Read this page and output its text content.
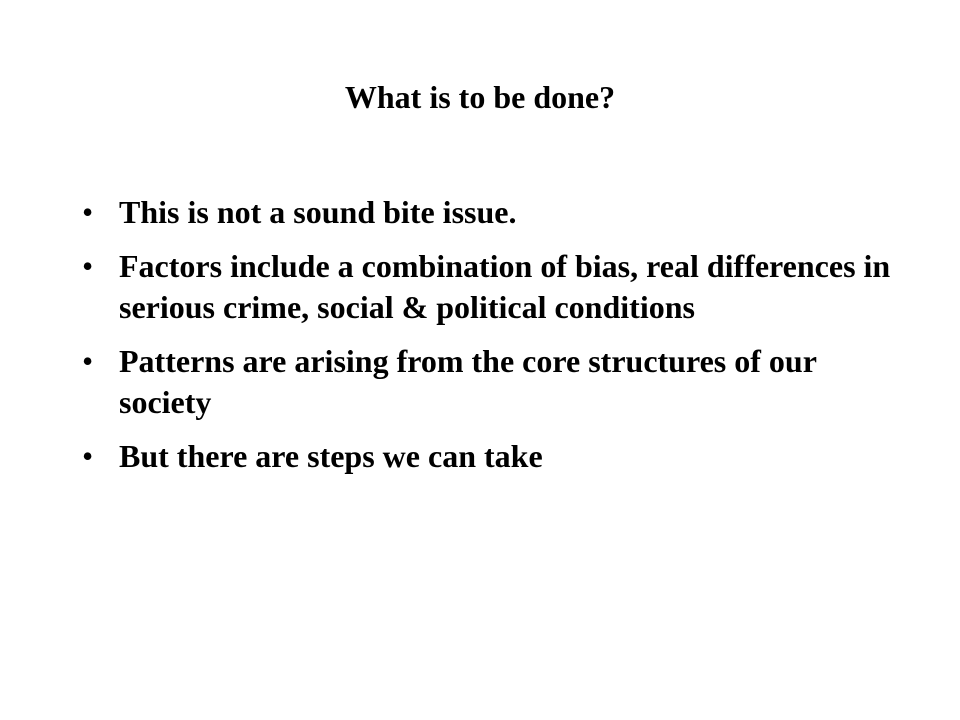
What is to be done?
• This is not a sound bite issue.
• Factors include a combination of bias, real differences in serious crime, social & political conditions
• Patterns are arising from the core structures of our society
• But there are steps we can take
